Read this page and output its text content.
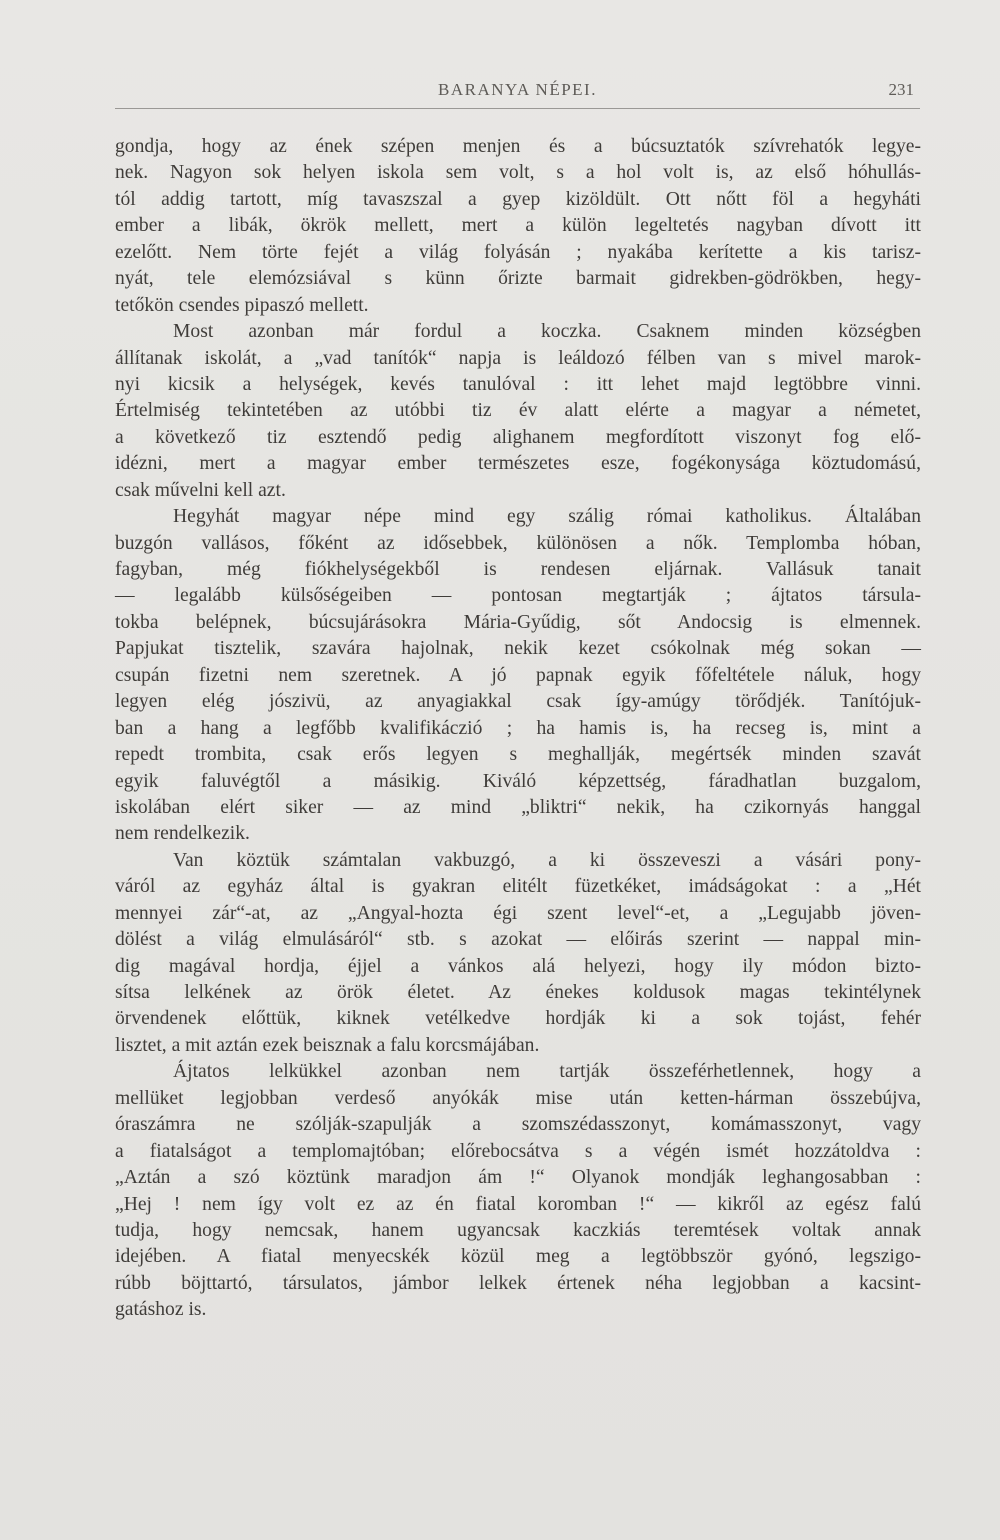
BARANYA NÉPEI.	231
gondja, hogy az ének szépen menjen és a búcsuztatók szívrehatók legye-
nek. Nagyon sok helyen iskola sem volt, s a hol volt is, az első hóhullás-
tól addig tartott, míg tavaszszal a gyep kizöldült. Ott nőtt föl a hegyháti
ember a libák, ökrök mellett, mert a külön legeltetés nagyban dívott itt
ezelőtt. Nem törte fejét a világ folyásán ; nyakába kerítette a kis tarisz-
nyát, tele elemózsiával s künn őrizte barmait gidrekben-gödrökben, hegy-
tetőkön csendes pipaszó mellett.
Most azonban már fordul a koczka. Csaknem minden községben
állítanak iskolát, a „vad tanítók“ napja is leáldozó félben van s mivel marok-
nyi kicsik a helységek, kevés tanulóval : itt lehet majd legtöbbre vinni.
Értelmiség tekintetében az utóbbi tiz év alatt elérte a magyar a németet,
a következő tiz esztendő pedig alighanem megfordított viszonyt fog elő-
idézni, mert a magyar ember természetes esze, fogékonysága köztudomású,
csak művelni kell azt.
Hegyhát magyar népe mind egy szálig római katholikus. Általában
buzgón vallásos, főként az idősebbek, különösen a nők. Templomba hóban,
fagyban, még fiókhelységekből is rendesen eljárnak. Vallásuk tanait
— legalább külsőségeiben — pontosan megtartják ; ájtatos társula-
tokba belépnek, búcsujárásokra Mária-Gyűdig, sőt Andocsig is elmennek.
Papjukat tisztelik, szavára hajolnak, nekik kezet csókolnak még sokan —
csupán fizetni nem szeretnek. A jó papnak egyik főfeltétele náluk, hogy
legyen elég jószivü, az anyagiakkal csak így-amúgy törődjék. Tanítójuk-
ban a hang a legfőbb kvalifikáczió ; ha hamis is, ha recseg is, mint a
repedt trombita, csak erős legyen s meghallják, megértsék minden szavát
egyik faluvégtől a másikig. Kiváló képzettség, fáradhatlan buzgalom,
iskolában elért siker — az mind „bliktri“ nekik, ha czikornyás hanggal
nem rendelkezik.
Van köztük számtalan vakbuzgó, a ki összeveszi a vásári pony-
váról az egyház által is gyakran elitélt füzetkéket, imádságokat : a „Hét
mennyei zár“-at, az „Angyal-hozta égi szent level“-et, a „Legujabb jöven-
dölést a világ elmulásáról“ stb. s azokat — előirás szerint — nappal min-
dig magával hordja, éjjel a vánkos alá helyezi, hogy ily módon bizto-
sítsa lelkének az örök életet. Az énekes koldusok magas tekintélynek
örvendenek előttük, kiknek vetélkedve hordják ki a sok tojást, fehér
lisztet, a mit aztán ezek beisznak a falu korcsmájában.
Ájtatos lelkükkel azonban nem tartják összeférhetlennek, hogy a
mellüket legjobban verdeső anyókák mise után ketten-hárman összebújva,
óraszámra ne szólják-szapulják a szomszédasszonyt, komámasszonyt, vagy
a fiatalságot a templomajtóban; előrebocsátva s a végén ismét hozzátoldva :
„Aztán a szó köztünk maradjon ám !“ Olyanok mondják leghangosabban :
„Hej ! nem így volt ez az én fiatal koromban !“ — kikről az egész falú
tudja, hogy nemcsak, hanem ugyancsak kaczkiás teremtések voltak annak
idejében. A fiatal menyecskék közül meg a legtöbbször gyónó, legszigo-
rúbb böjttartó, társulatos, jámbor lelkek értenek néha legjobban a kacsint-
gatáshoz is.
